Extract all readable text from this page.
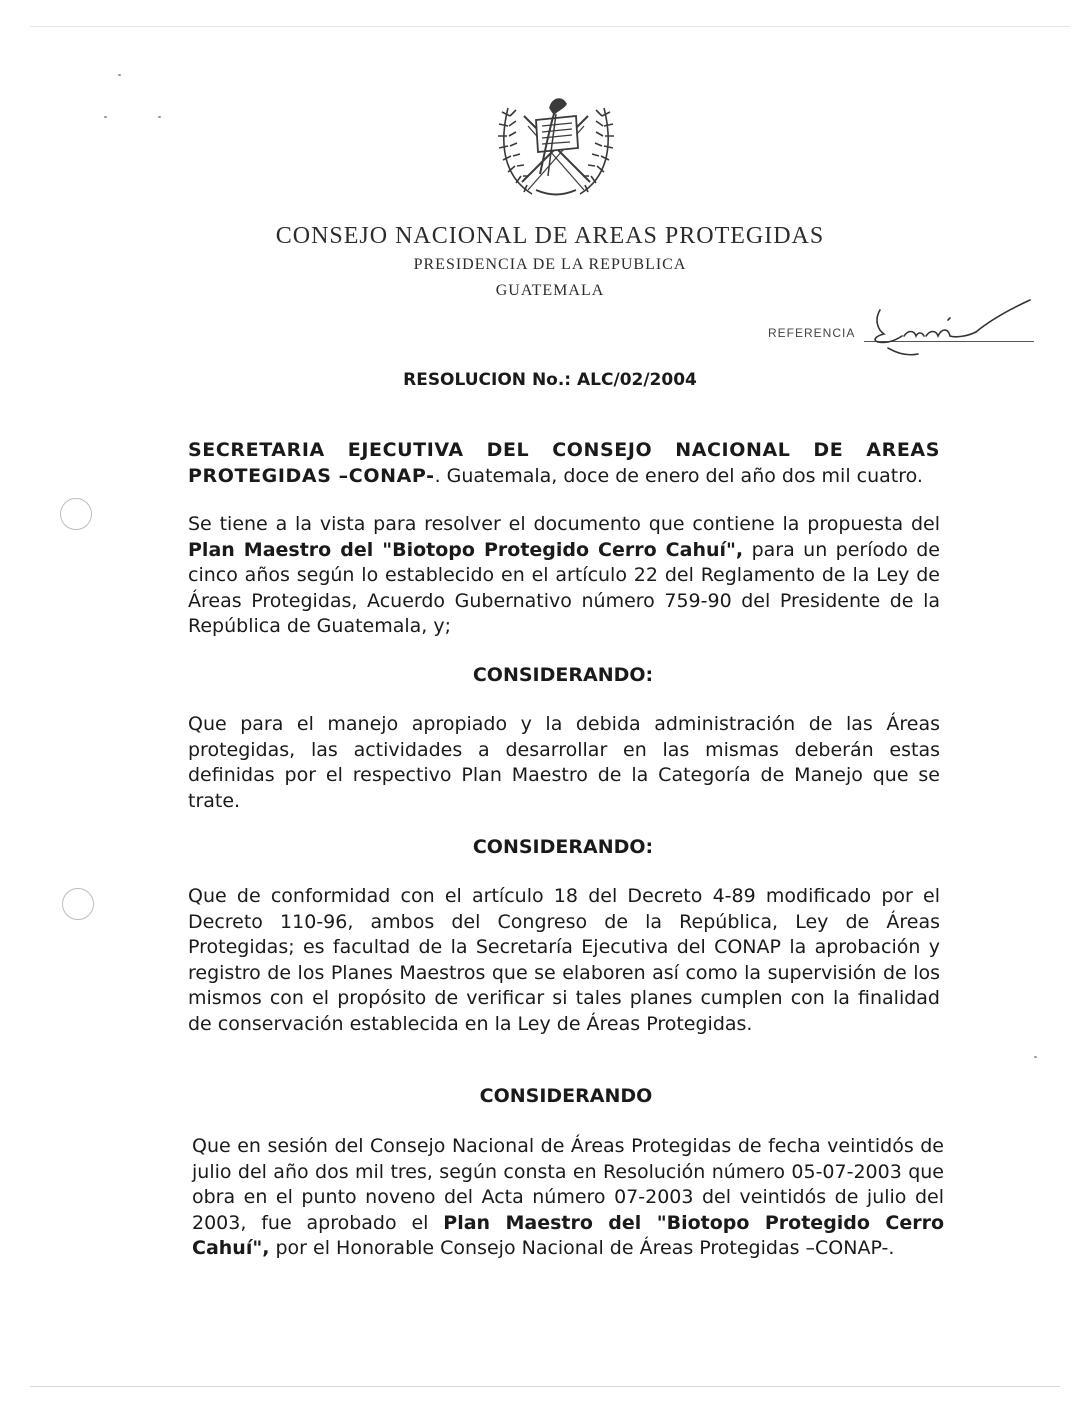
CONSEJO NACIONAL DE AREAS PROTEGIDAS
PRESIDENCIA DE LA REPUBLICA
GUATEMALA
REFERENCIA
RESOLUCION No.: ALC/02/2004
SECRETARIA EJECUTIVA DEL CONSEJO NACIONAL DE AREAS PROTEGIDAS –CONAP-. Guatemala, doce de enero del año dos mil cuatro.
Se tiene a la vista para resolver el documento que contiene la propuesta del Plan Maestro del "Biotopo Protegido Cerro Cahuí", para un período de cinco años según lo establecido en el artículo 22 del Reglamento de la Ley de Áreas Protegidas, Acuerdo Gubernativo número 759-90 del Presidente de la República de Guatemala, y;
CONSIDERANDO:
Que para el manejo apropiado y la debida administración de las Áreas protegidas, las actividades a desarrollar en las mismas deberán estas definidas por el respectivo Plan Maestro de la Categoría de Manejo que se trate.
CONSIDERANDO:
Que de conformidad con el artículo 18 del Decreto 4-89 modificado por el Decreto 110-96, ambos del Congreso de la República, Ley de Áreas Protegidas; es facultad de la Secretaría Ejecutiva del CONAP la aprobación y registro de los Planes Maestros que se elaboren así como la supervisión de los mismos con el propósito de verificar si tales planes cumplen con la finalidad de conservación establecida en la Ley de Áreas Protegidas.
CONSIDERANDO
Que en sesión del Consejo Nacional de Áreas Protegidas de fecha veintidós de julio del año dos mil tres, según consta en Resolución número 05-07-2003 que obra en el punto noveno del Acta número 07-2003 del veintidós de julio del 2003, fue aprobado el Plan Maestro del "Biotopo Protegido Cerro Cahuí", por el Honorable Consejo Nacional de Áreas Protegidas –CONAP-.
